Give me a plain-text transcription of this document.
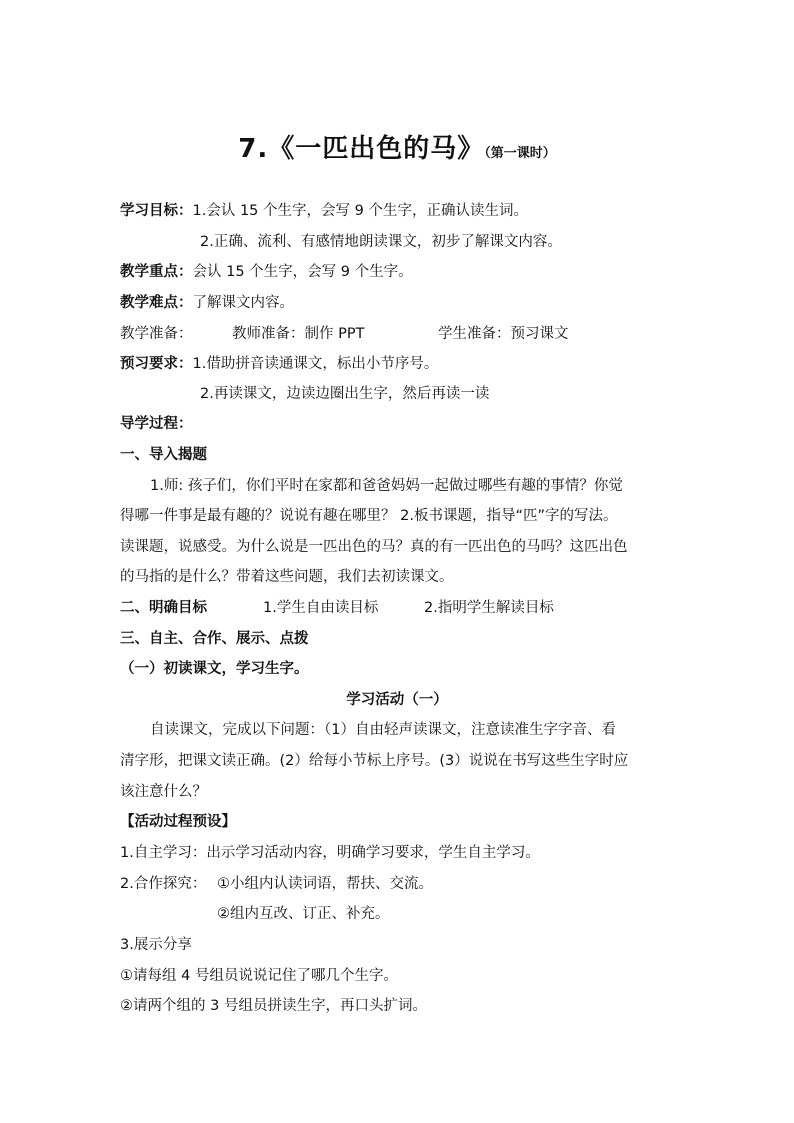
7.《一匹出色的马》（第一课时）
学习目标：1.会认 15 个生字，会写 9 个生字，正确认读生词。
2.正确、流利、有感情地朗读课文，初步了解课文内容。
教学重点：会认 15 个生字，会写 9 个生字。
教学难点：了解课文内容。
教学准备：	教师准备：制作 PPT	学生准备：预习课文
预习要求：1.借助拼音读通课文，标出小节序号。
2.再读课文，边读边圈出生字，然后再读一读
导学过程：
一、导入揭题
1.师: 孩子们，你们平时在家都和爸爸妈妈一起做过哪些有趣的事情？你觉
得哪一件事是最有趣的？说说有趣在哪里？ 2.板书课题，指导“匹”字的写法。
读课题，说感受。为什么说是一匹出色的马？真的有一匹出色的马吗？这匹出色
的马指的是什么？带着这些问题，我们去初读课文。
二、明确目标	1.学生自由读目标	2.指明学生解读目标
三、自主、合作、展示、点拨
（一）初读课文，学习生字。
学习活动（一）
自读课文，完成以下问题：（1）自由轻声读课文，注意读准生字字音、看
清字形，把课文读正确。(2）给每小节标上序号。(3）说说在书写这些生字时应
该注意什么？
【活动过程预设】
1.自主学习：出示学习活动内容，明确学习要求，学生自主学习。
2.合作探究： ①小组内认读词语，帮扶、交流。
②组内互改、订正、补充。
3.展示分享
①请每组 4 号组员说说记住了哪几个生字。
②请两个组的 3 号组员拼读生字，再口头扩词。
